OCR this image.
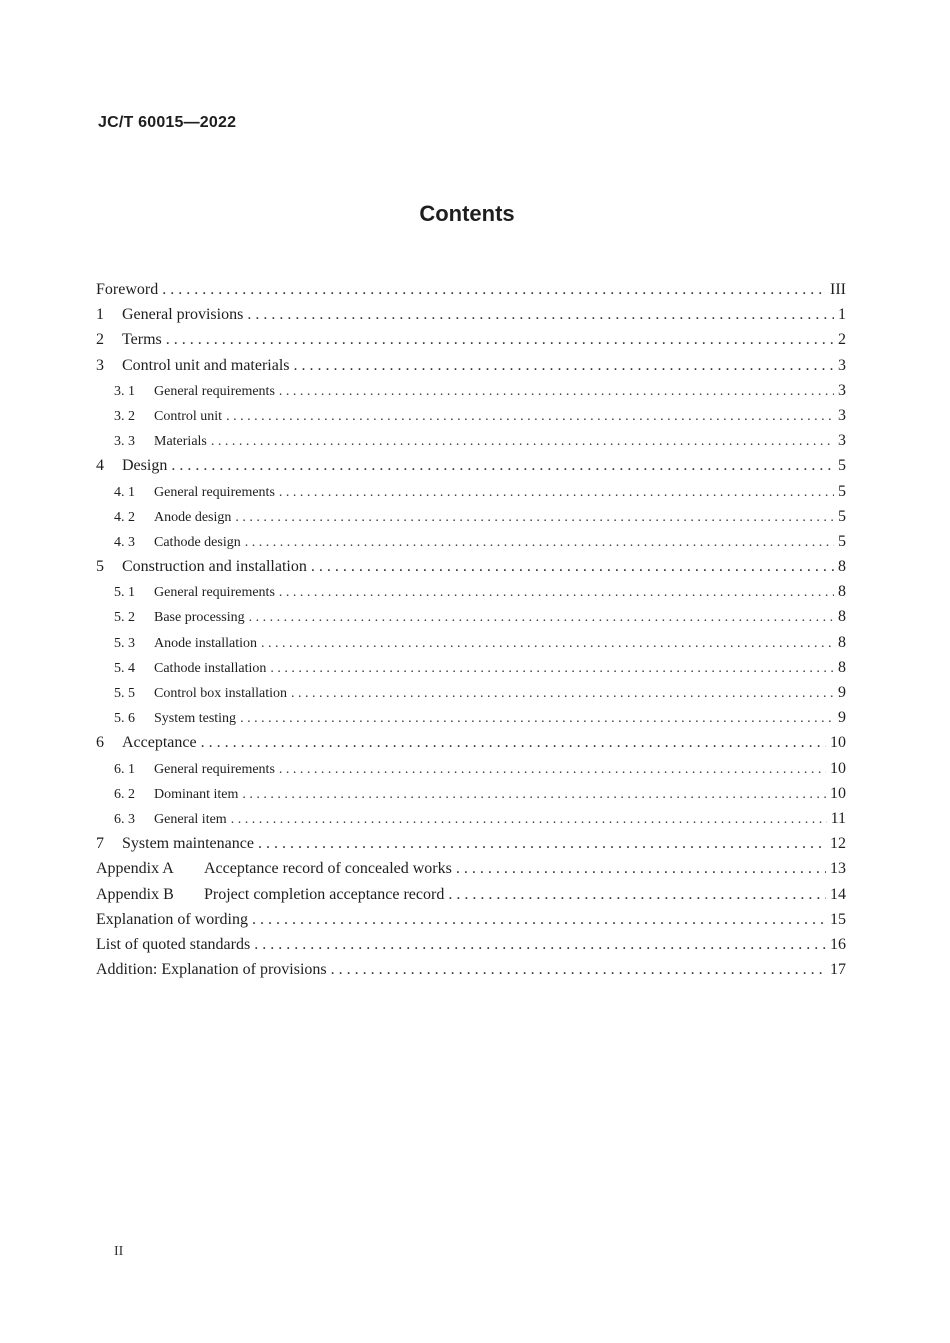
JC/T 60015—2022
Contents
Foreword . . .	III
1	General provisions . . .	1
2	Terms . . .	2
3	Control unit and materials . . .	3
3. 1	General requirements . . .	3
3. 2	Control unit . . .	3
3. 3	Materials . . .	3
4	Design . . .	5
4. 1	General requirements . . .	5
4. 2	Anode design . . .	5
4. 3	Cathode design . . .	5
5	Construction and installation . . .	8
5. 1	General requirements . . .	8
5. 2	Base processing . . .	8
5. 3	Anode installation . . .	8
5. 4	Cathode installation . . .	8
5. 5	Control box installation . . .	9
5. 6	System testing . . .	9
6	Acceptance . . .	10
6. 1	General requirements . . .	10
6. 2	Dominant item . . .	10
6. 3	General item . . .	11
7	System maintenance . . .	12
Appendix A	Acceptance record of concealed works . . .	13
Appendix B	Project completion acceptance record . . .	14
Explanation of wording . . .	15
List of quoted standards . . .	16
Addition: Explanation of provisions . . .	17
II
